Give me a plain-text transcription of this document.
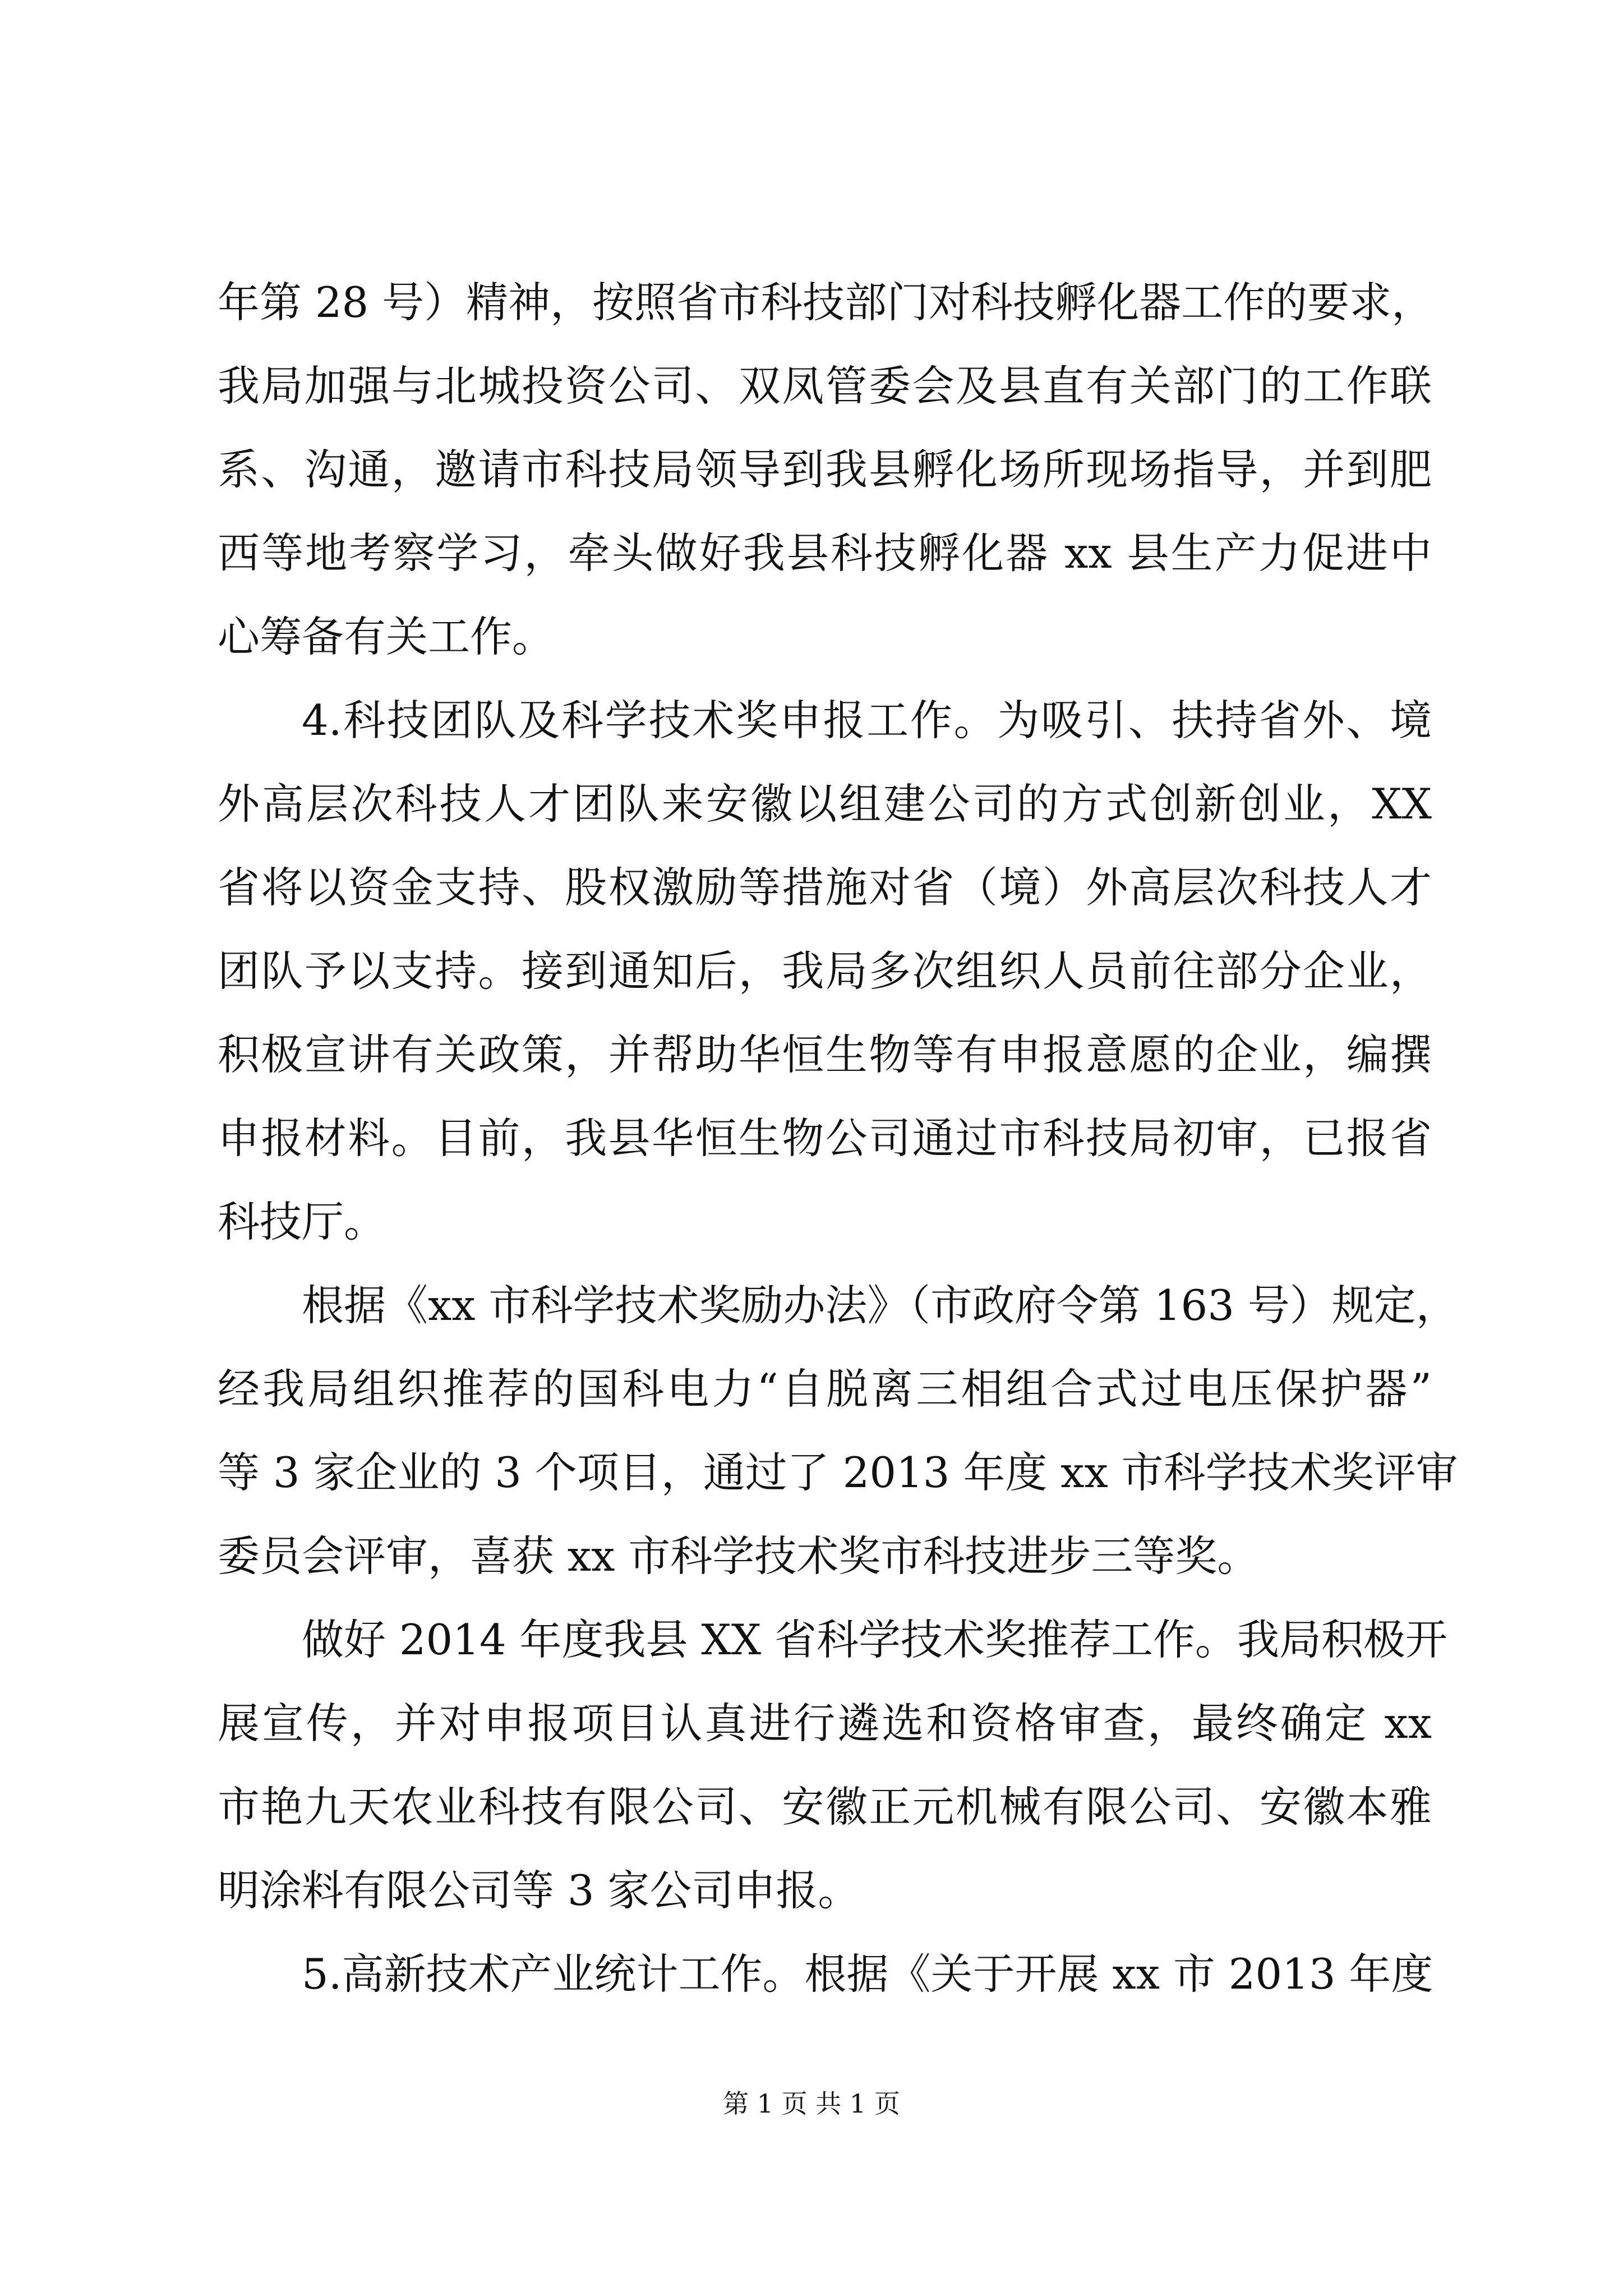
年第 28 号）精神，按照省市科技部门对科技孵化器工作的要求，
我局加强与北城投资公司、双凤管委会及县直有关部门的工作联
系、沟通，邀请市科技局领导到我县孵化场所现场指导，并到肥
西等地考察学习，牵头做好我县科技孵化器 xx 县生产力促进中
心筹备有关工作。
4.科技团队及科学技术奖申报工作。为吸引、扶持省外、境
外高层次科技人才团队来安徽以组建公司的方式创新创业，XX
省将以资金支持、股权激励等措施对省（境）外高层次科技人才
团队予以支持。接到通知后，我局多次组织人员前往部分企业，
积极宣讲有关政策，并帮助华恒生物等有申报意愿的企业，编撰
申报材料。目前，我县华恒生物公司通过市科技局初审，已报省
科技厅。
根据《xx 市科学技术奖励办法》（市政府令第 163 号）规定，
经我局组织推荐的国科电力“自脱离三相组合式过电压保护器”
等 3 家企业的 3 个项目，通过了 2013 年度 xx 市科学技术奖评审
委员会评审，喜获 xx 市科学技术奖市科技进步三等奖。
做好 2014 年度我县 XX 省科学技术奖推荐工作。我局积极开
展宣传，并对申报项目认真进行遴选和资格审查，最终确定 xx
市艳九天农业科技有限公司、安徽正元机械有限公司、安徽本雅
明涂料有限公司等 3 家公司申报。
5.高新技术产业统计工作。根据《关于开展 xx 市 2013 年度
第 1 页 共 1 页
